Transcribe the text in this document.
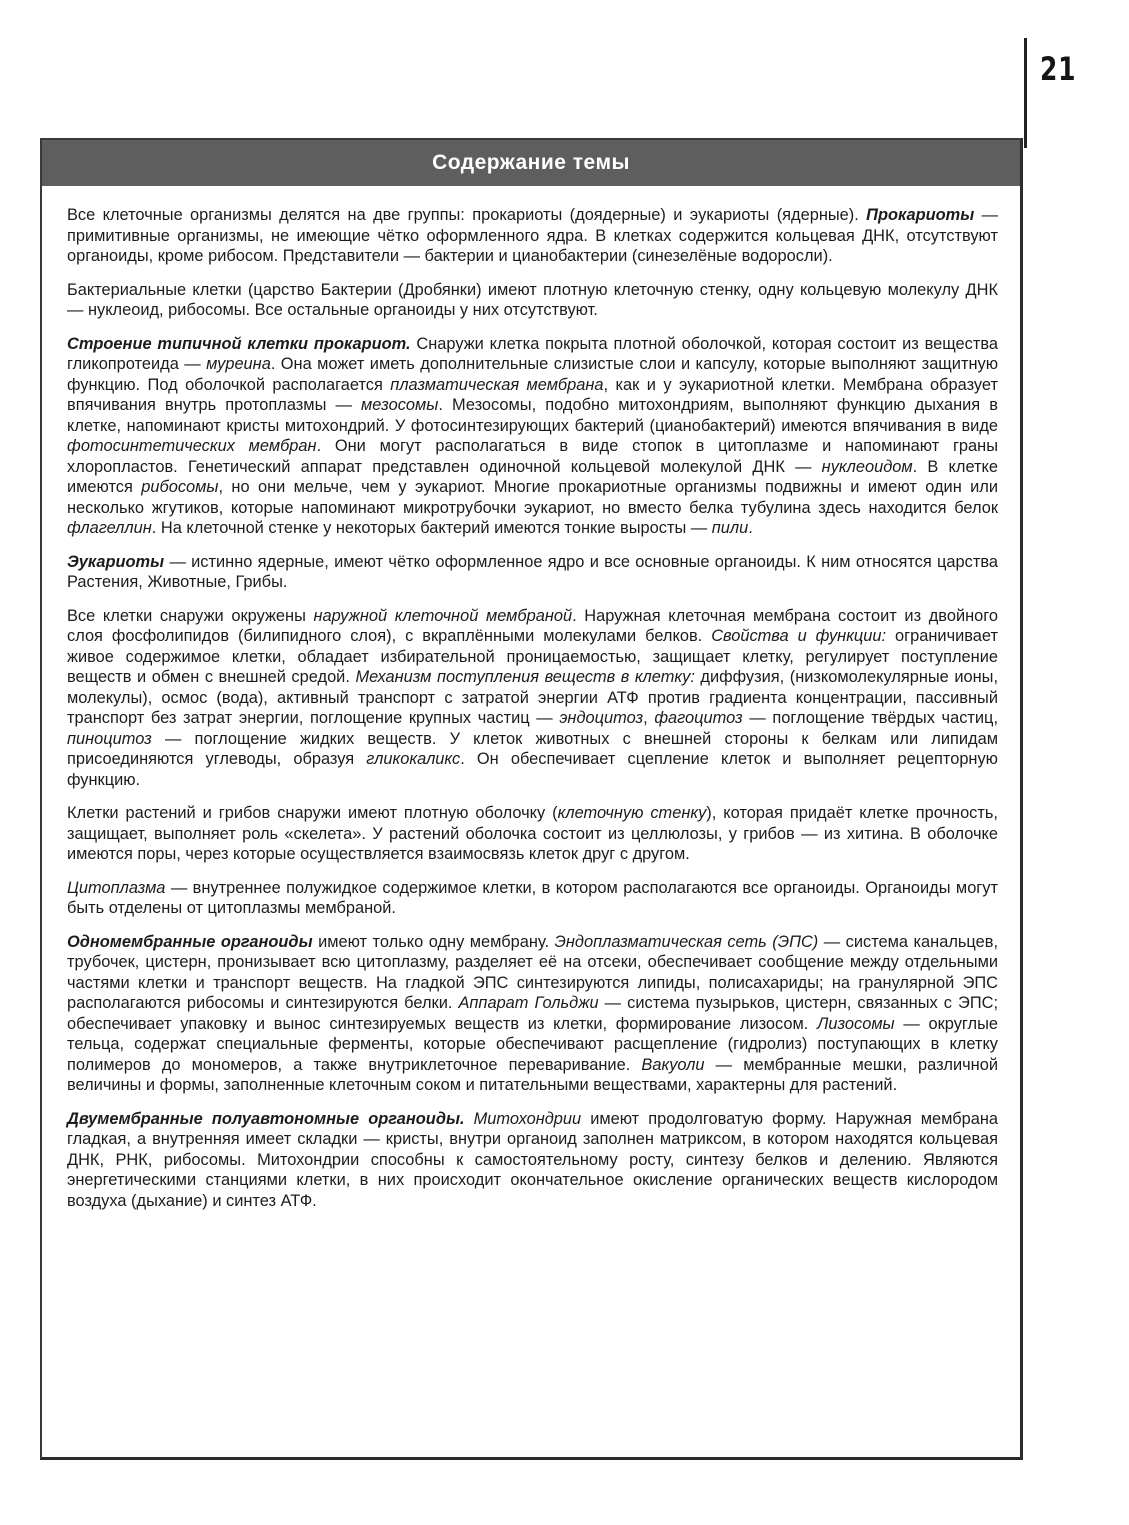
21
Содержание темы

Все клеточные организмы делятся на две группы: прокариоты (доядерные) и эукариоты (ядерные). Прокариоты — примитивные организмы, не имеющие чётко оформленного ядра. В клетках содержится кольцевая ДНК, отсутствуют органоиды, кроме рибосом. Представители — бактерии и цианобактерии (синезелёные водоросли).

Бактериальные клетки (царство Бактерии (Дробянки) имеют плотную клеточную стенку, одну кольцевую молекулу ДНК — нуклеоид, рибосомы. Все остальные органоиды у них отсутствуют.

Строение типичной клетки прокариот. Снаружи клетка покрыта плотной оболочкой, которая состоит из вещества гликопротеида — муреина. Она может иметь дополнительные слизистые слои и капсулу, которые выполняют защитную функцию. Под оболочкой располагается плазматическая мембрана, как и у эукариотной клетки. Мембрана образует впячивания внутрь протоплазмы — мезосомы. Мезосомы, подобно митохондриям, выполняют функцию дыхания в клетке, напоминают кристы митохондрий. У фотосинтезирующих бактерий (цианобактерий) имеются впячивания в виде фотосинтетических мембран. Они могут располагаться в виде стопок в цитоплазме и напоминают граны хлоропластов. Генетический аппарат представлен одиночной кольцевой молекулой ДНК — нуклеоидом. В клетке имеются рибосомы, но они мельче, чем у эукариот. Многие прокариотные организмы подвижны и имеют один или несколько жгутиков, которые напоминают микротрубочки эукариот, но вместо белка тубулина здесь находится белок флагеллин. На клеточной стенке у некоторых бактерий имеются тонкие выросты — пили.

Эукариоты — истинно ядерные, имеют чётко оформленное ядро и все основные органоиды. К ним относятся царства Растения, Животные, Грибы.

Все клетки снаружи окружены наружной клеточной мембраной. Наружная клеточная мембрана состоит из двойного слоя фосфолипидов (билипидного слоя), с вкраплёнными молекулами белков. Свойства и функции: ограничивает живое содержимое клетки, обладает избирательной проницаемостью, защищает клетку, регулирует поступление веществ и обмен с внешней средой. Механизм поступления веществ в клетку: диффузия, (низкомолекулярные ионы, молекулы), осмос (вода), активный транспорт с затратой энергии АТФ против градиента концентрации, пассивный транспорт без затрат энергии, поглощение крупных частиц — эндоцитоз, фагоцитоз — поглощение твёрдых частиц, пиноцитоз — поглощение жидких веществ. У клеток животных с внешней стороны к белкам или липидам присоединяются углеводы, образуя гликокаликс. Он обеспечивает сцепление клеток и выполняет рецепторную функцию.

Клетки растений и грибов снаружи имеют плотную оболочку (клеточную стенку), которая придаёт клетке прочность, защищает, выполняет роль «скелета». У растений оболочка состоит из целлюлозы, у грибов — из хитина. В оболочке имеются поры, через которые осуществляется взаимосвязь клеток друг с другом.

Цитоплазма — внутреннее полужидкое содержимое клетки, в котором располагаются все органоиды. Органоиды могут быть отделены от цитоплазмы мембраной.

Одномембранные органоиды имеют только одну мембрану. Эндоплазматическая сеть (ЭПС) — система канальцев, трубочек, цистерн, пронизывает всю цитоплазму, разделяет её на отсеки, обеспечивает сообщение между отдельными частями клетки и транспорт веществ. На гладкой ЭПС синтезируются липиды, полисахариды; на гранулярной ЭПС располагаются рибосомы и синтезируются белки. Аппарат Гольджи — система пузырьков, цистерн, связанных с ЭПС; обеспечивает упаковку и вынос синтезируемых веществ из клетки, формирование лизосом. Лизосомы — округлые тельца, содержат специальные ферменты, которые обеспечивают расщепление (гидролиз) поступающих в клетку полимеров до мономеров, а также внутриклеточное переваривание. Вакуоли — мембранные мешки, различной величины и формы, заполненные клеточным соком и питательными веществами, характерны для растений.

Двумембранные полуавтономные органоиды. Митохондрии имеют продолговатую форму. Наружная мембрана гладкая, а внутренняя имеет складки — кристы, внутри органоид заполнен матриксом, в котором находятся кольцевая ДНК, РНК, рибосомы. Митохондрии способны к самостоятельному росту, синтезу белков и делению. Являются энергетическими станциями клетки, в них происходит окончательное окисление органических веществ кислородом воздуха (дыхание) и синтез АТФ.
